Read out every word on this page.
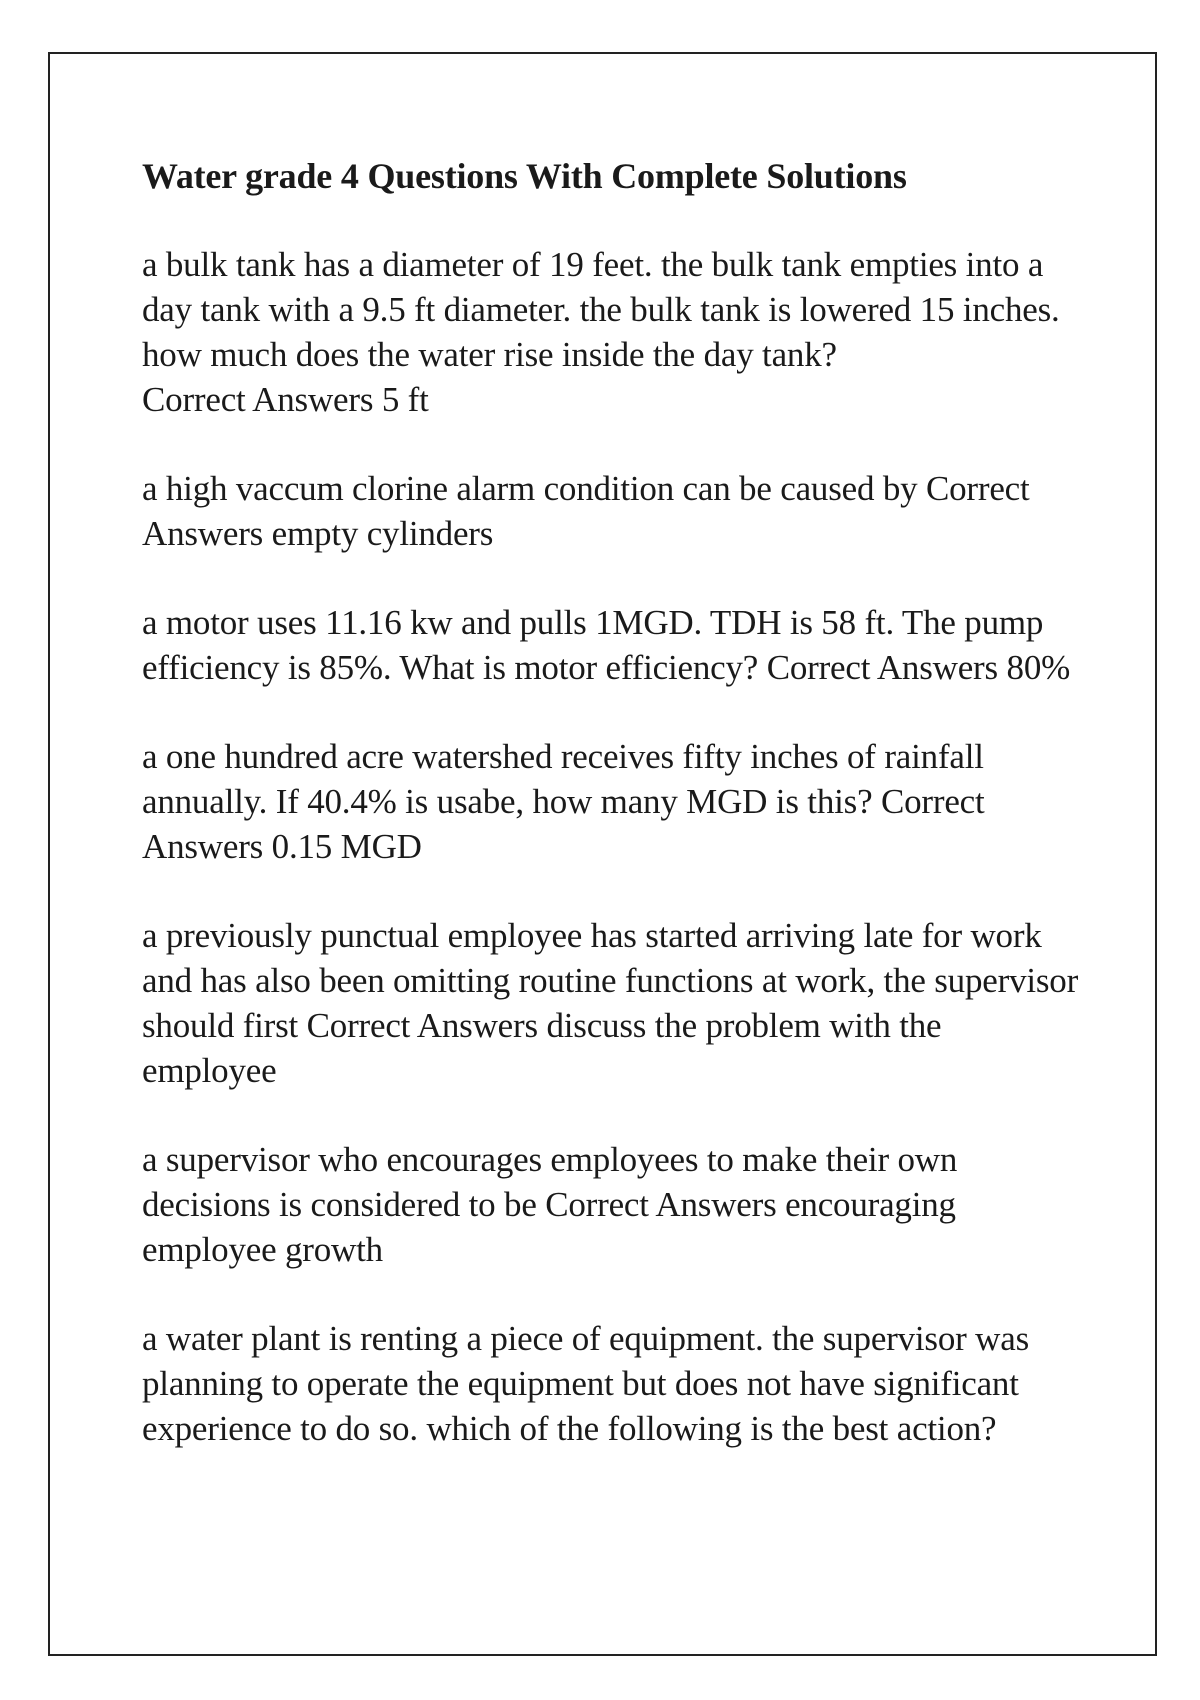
Water grade 4 Questions With Complete Solutions
a bulk tank has a diameter of 19 feet. the bulk tank empties into a day tank with a 9.5 ft diameter. the bulk tank is lowered 15 inches. how much does the water rise inside the day tank?
Correct Answers 5 ft
a high vaccum clorine alarm condition can be caused by Correct Answers empty cylinders
a motor uses 11.16 kw and pulls 1MGD. TDH is 58 ft. The pump efficiency is 85%. What is motor efficiency? Correct Answers 80%
a one hundred acre watershed receives fifty inches of rainfall annually. If 40.4% is usabe, how many MGD is this? Correct Answers 0.15 MGD
a previously punctual employee has started arriving late for work and has also been omitting routine functions at work, the supervisor should first Correct Answers discuss the problem with the employee
a supervisor who encourages employees to make their own decisions is considered to be Correct Answers encouraging employee growth
a water plant is renting a piece of equipment. the supervisor was planning to operate the equipment but does not have significant experience to do so. which of the following is the best action?
